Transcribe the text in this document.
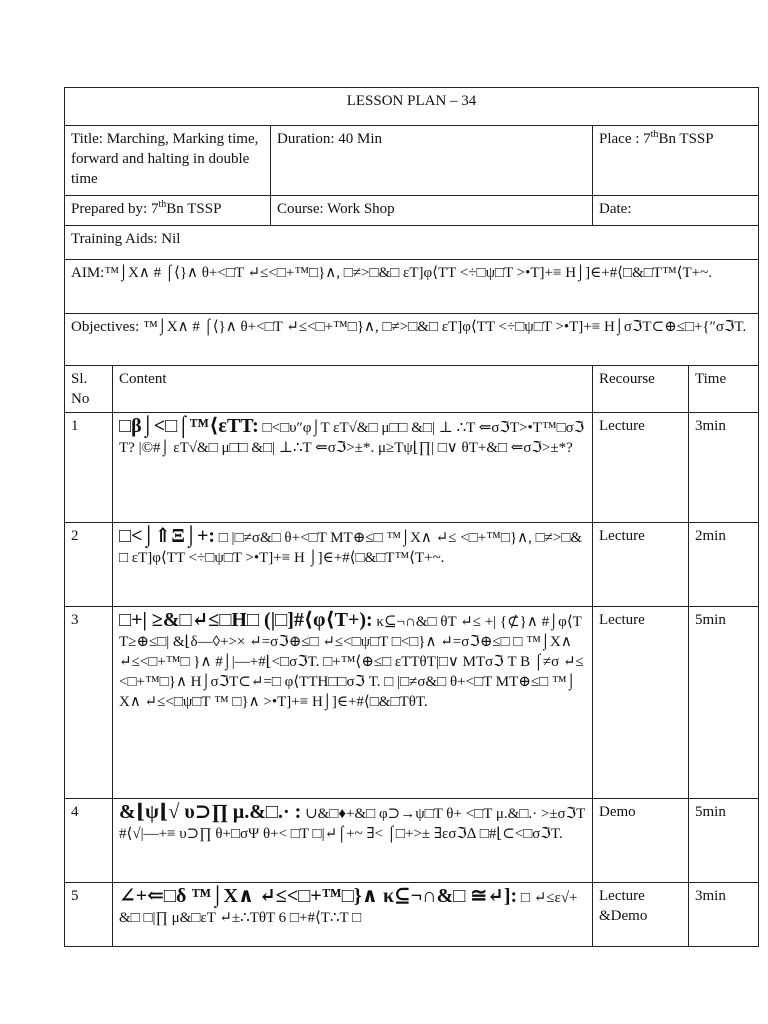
LESSON PLAN – 34				
Title: Marching, Marking time, forward and halting in double time		Duration: 40 Min	Place : 7thBn TSSP	
Prepared by: 7thBn TSSP		Course: Work Shop	Date:	
Training Aids: Nil				
AIM:™⌡X∧ # ⌠⟨}∧ θ+<□T ↵≤<□+™□}∧, □≠>□&□ εT]φ⟨TT <÷□ψ□T >•T]+≡ H⌡]∈+#⟨□&□T™⟨T+~.				
Objectives: ™⌡X∧ # ⌠⟨}∧ θ+<□T ↵≤<□+™□}∧, □≠>□&□ εT]φ⟨TT <÷□ψ□T >•T]+≡ H⌡σℑT⊂⊕≤□+{″σℑT.				
Sl. No	Content		Recourse	Time
1	□β⌡<□⌠™⟨εTT: □<□υ″φ⌡T εT√&□ μ□□ &□| ⊥ ∴T ⇐σℑT>•T™□σℑT? |©#⌡ εT√&□ μ□□ &□| ⊥∴T ⇐σℑ>±*. μ≥Tψ⌊∏| □∨ θT+&□ ⇐σℑ>±*?		Lecture	3min
2	□<⌡⇑Ξ⌡+: □ |□≠σ&□ θ+<□T MT⊕≤□ ™⌡X∧ ↵≤ <□+™□}∧, □≠>□&□ εT]φ⟨TT <÷□ψ□T >•T]+≡ H ⌡]∈+#⟨□&□T™⟨T+~.		Lecture	2min
3	□+| ≥&□↵≤□H□ (|□]#⟨φ⟨T+): κ⊆¬∩&□ θT ↵≤ +| {⊄}∧ #⌡φ⟨TT≥⊕≤□| &⌊δ—◊+>× ↵=σℑ⊕≤□ ↵≤<□ψ□T □<□}∧ ↵=σℑ⊕≤□ □ ™⌡X∧ ↵≤<□+™□ }∧ #⌡|—+#⌊<□σℑT. □+™⟨⊕≤□ εTTθT|□∨ MTσℑ T B ⌠≠σ ↵≤<□+™□}∧ H⌡σℑT⊂↵=□ φ⟨TTH□□σℑ T. □ |□≠σ&□ θ+<□T MT⊕≤□ ™⌡X∧ ↵≤<□ψ□T ™ □}∧ >•T]+≡ H⌡]∈+#⟨□&□TθT.		Lecture	5min
4	&⌊ψ⌊√ υ⊃∏ μ.&□.· : ∪&□♦+&□ φ⊃→ψ□T θ+ <□T μ.&□.· >±σℑT #⟨√|—+≡ υ⊃∏ θ+□σΨ θ+< □T □|↵⌠+~ ∃< ⌠□+>± ∃εσℑ∆ □#⌊⊂<□σℑT.		Demo	5min
5	∠+⇐□δ ™⌡X∧ ↵≤<□+™□}∧ κ⊆¬∩&□ ≅↵]: □ ↵≤ε√+&□ □|∏ μ&□εT ↵±∴TθT 6 □+#⟨T∴T □		Lecture &Demo	3min
